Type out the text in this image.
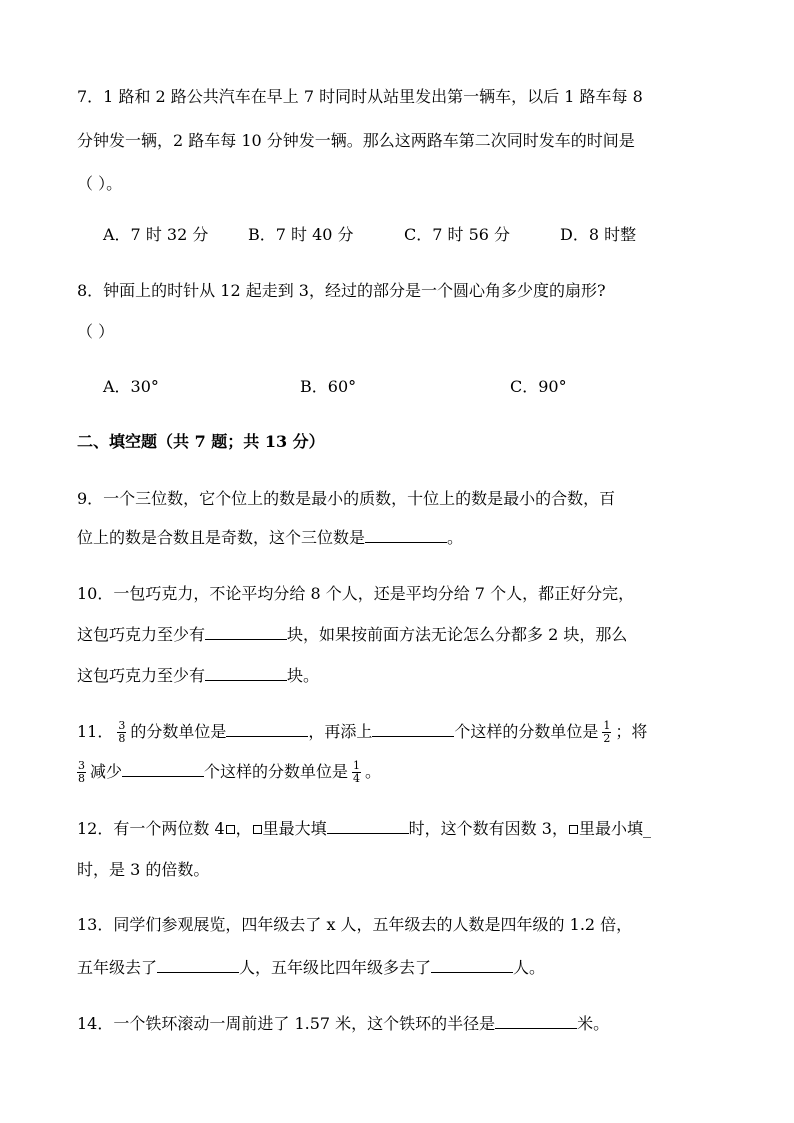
7．1 路和 2 路公共汽车在早上 7 时同时从站里发出第一辆车，以后 1 路车每 8
分钟发一辆，2 路车每 10 分钟发一辆。那么这两路车第二次同时发车的时间是
（ ）。
A．7 时 32 分 B．7 时 40 分	C．7 时 56 分	D．8 时整
8．钟面上的时针从 12 起走到 3，经过的部分是一个圆心角多少度的扇形?
（ ）
A．30°	B．60°	C．90°
二、填空题（共 7 题；共 13 分）
9．一个三位数，它个位上的数是最小的质数，十位上的数是最小的合数，百
位上的数是合数且是奇数，这个三位数是	。
10．一包巧克力，不论平均分给 8 个人，还是平均分给 7 个人，都正好分完，
这包巧克力至少有	块，如果按前面方法无论怎么分都多 2 块，那么
这包巧克力至少有	块。
11． $\frac{3}{8}$ 的分数单位是	，再添上	个这样的分数单位是 $\frac{1}{2}$ ；将
$\frac{3}{8}$ 减少	个这样的分数单位是 $\frac{1}{4}$ 。
12．有一个两位数 4 ， 里最大填	时，这个数有因数 3， 里最小填_
时，是 3 的倍数。
13．同学们参观展览，四年级去了 x 人，五年级去的人数是四年级的 1.2 倍，
五年级去了	人，五年级比四年级多去了	人。
14．一个铁环滚动一周前进了 1.57 米，这个铁环的半径是	米。
